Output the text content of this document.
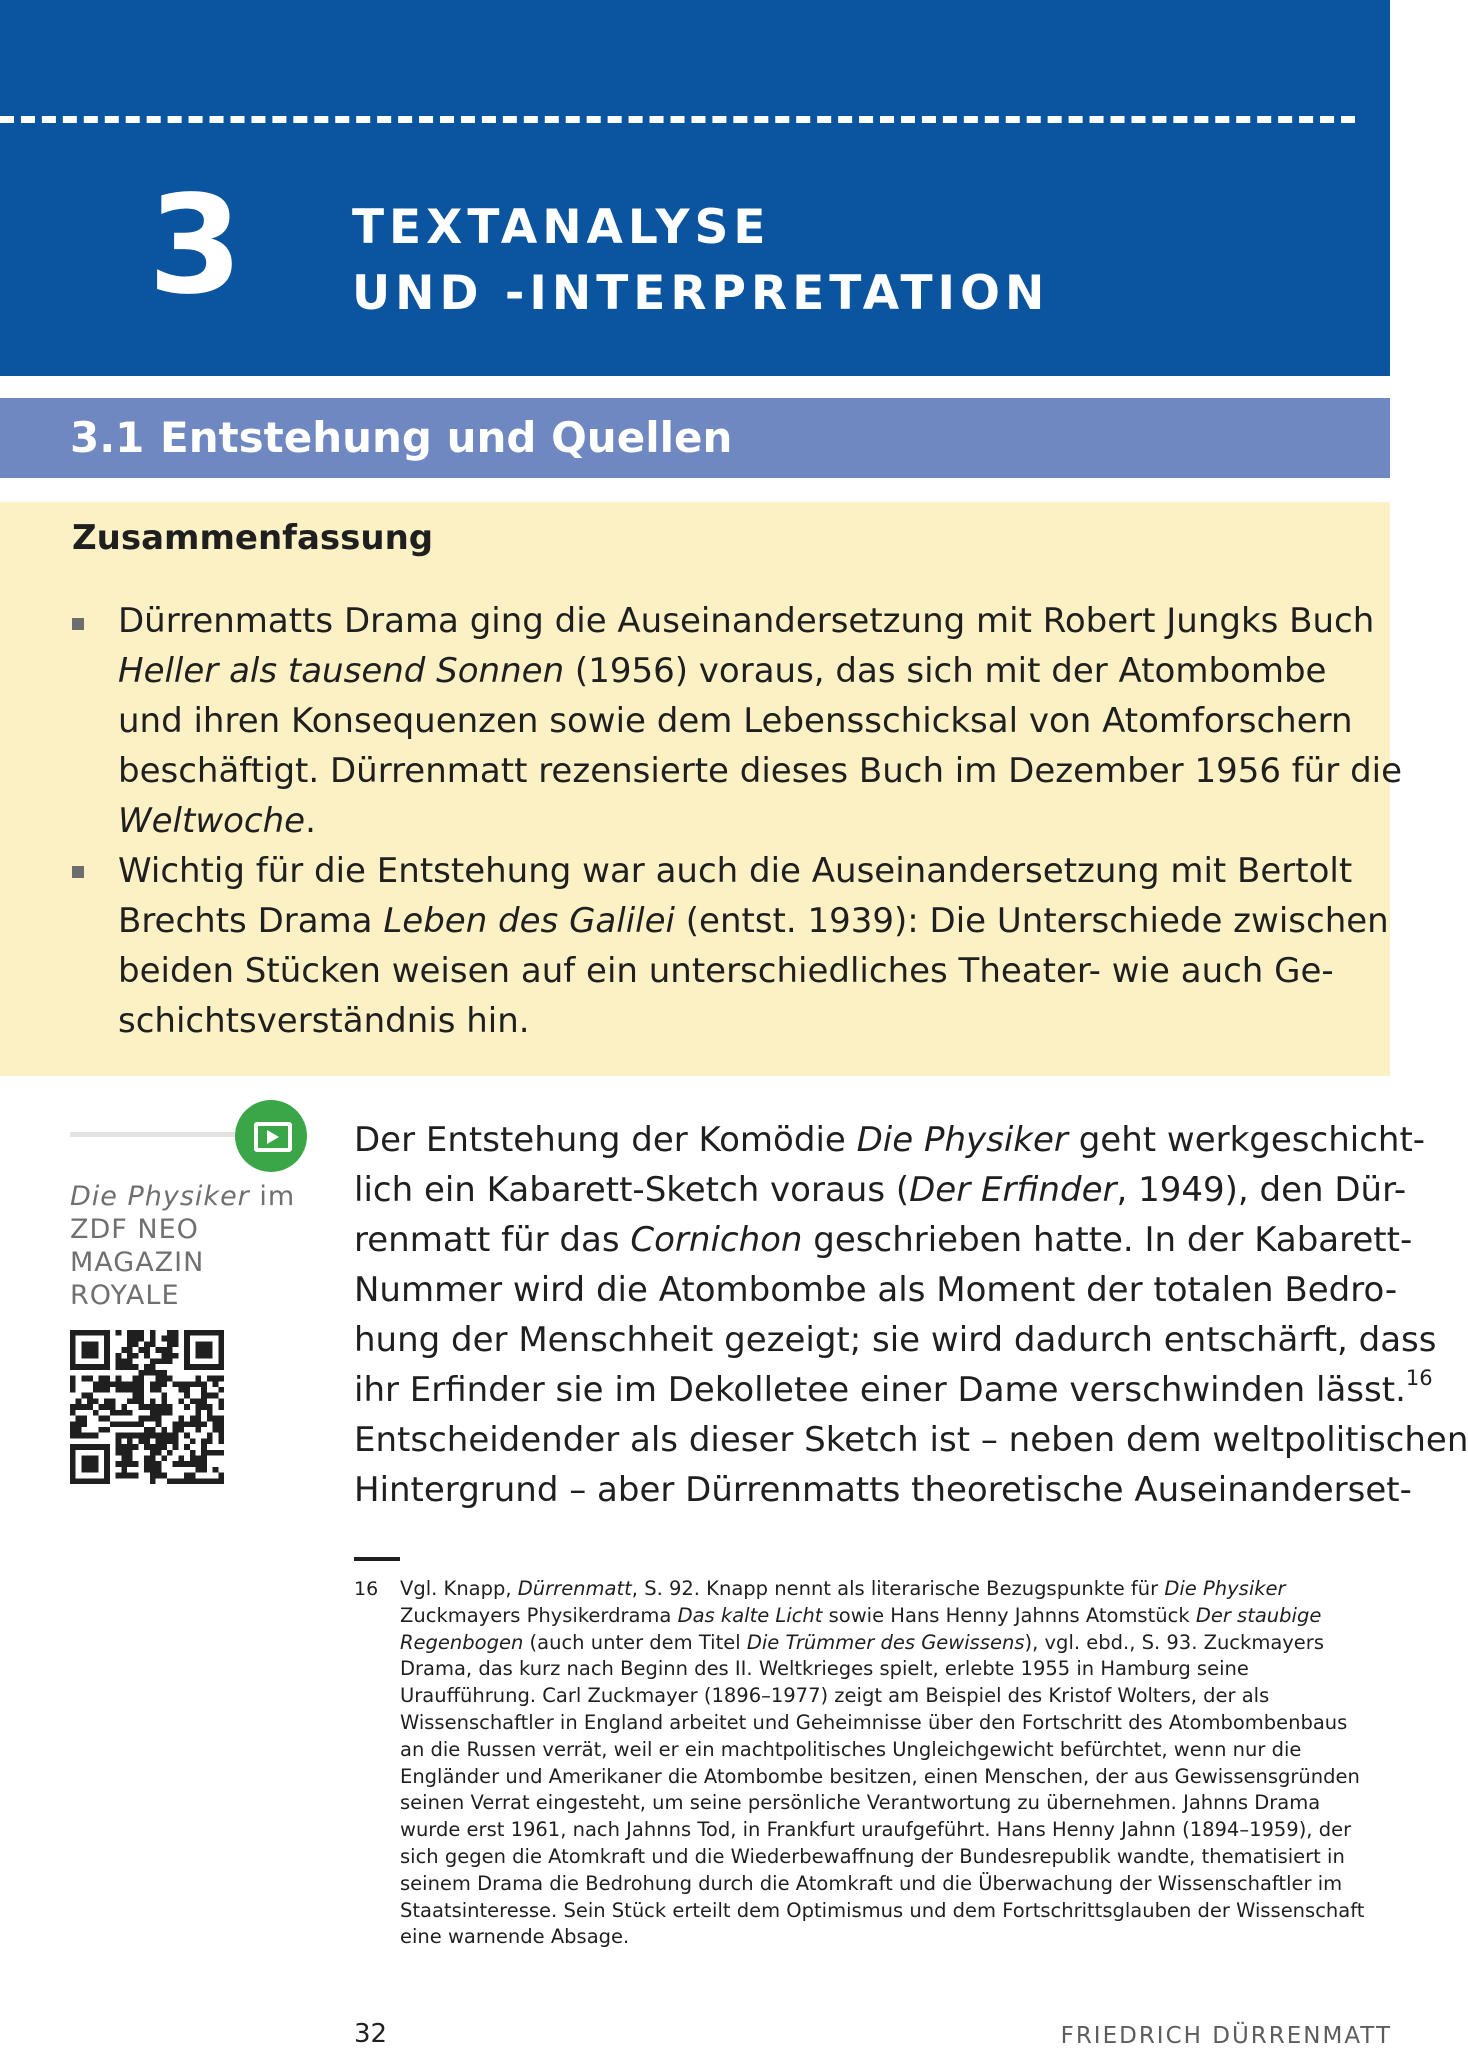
3 TEXTANALYSE
UND -INTERPRETATION
3.1 Entstehung und Quellen
Zusammenfassung
Dürrenmatts Drama ging die Auseinandersetzung mit Robert Jungks Buch
Heller als tausend Sonnen (1956) voraus, das sich mit der Atombombe
und ihren Konsequenzen sowie dem Lebensschicksal von Atomforschern
beschäftigt. Dürrenmatt rezensierte dieses Buch im Dezember 1956 für die
Weltwoche.
Wichtig für die Entstehung war auch die Auseinandersetzung mit Bertolt
Brechts Drama Leben des Galilei (entst. 1939): Die Unterschiede zwischen
beiden Stücken weisen auf ein unterschiedliches Theater- wie auch Ge-
schichtsverständnis hin.
Die Physiker im
ZDF NEO
MAGAZIN
ROYALE
Der Entstehung der Komödie Die Physiker geht werkgeschicht-
lich ein Kabarett-Sketch voraus (Der Erfinder, 1949), den Dür-
renmatt für das Cornichon geschrieben hatte. In der Kabarett-
Nummer wird die Atombombe als Moment der totalen Bedro-
hung der Menschheit gezeigt; sie wird dadurch entschärft, dass
ihr Erfinder sie im Dekolletee einer Dame verschwinden lässt.$^{16}$
Entscheidender als dieser Sketch ist – neben dem weltpolitischen
Hintergrund – aber Dürrenmatts theoretische Auseinanderset-
16 Vgl. Knapp, Dürrenmatt, S. 92. Knapp nennt als literarische Bezugspunkte für Die Physiker
Zuckmayers Physikerdrama Das kalte Licht sowie Hans Henny Jahnns Atomstück Der staubige
Regenbogen (auch unter dem Titel Die Trümmer des Gewissens), vgl. ebd., S. 93. Zuckmayers
Drama, das kurz nach Beginn des II. Weltkrieges spielt, erlebte 1955 in Hamburg seine
Uraufführung. Carl Zuckmayer (1896–1977) zeigt am Beispiel des Kristof Wolters, der als
Wissenschaftler in England arbeitet und Geheimnisse über den Fortschritt des Atombombenbaus
an die Russen verrät, weil er ein machtpolitisches Ungleichgewicht befürchtet, wenn nur die
Engländer und Amerikaner die Atombombe besitzen, einen Menschen, der aus Gewissensgründen
seinen Verrat eingesteht, um seine persönliche Verantwortung zu übernehmen. Jahnns Drama
wurde erst 1961, nach Jahnns Tod, in Frankfurt uraufgeführt. Hans Henny Jahnn (1894–1959), der
sich gegen die Atomkraft und die Wiederbewaffnung der Bundesrepublik wandte, thematisiert in
seinem Drama die Bedrohung durch die Atomkraft und die Überwachung der Wissenschaftler im
Staatsinteresse. Sein Stück erteilt dem Optimismus und dem Fortschrittsglauben der Wissenschaft
eine warnende Absage.
32	FRIEDRICH DÜRRENMATT
